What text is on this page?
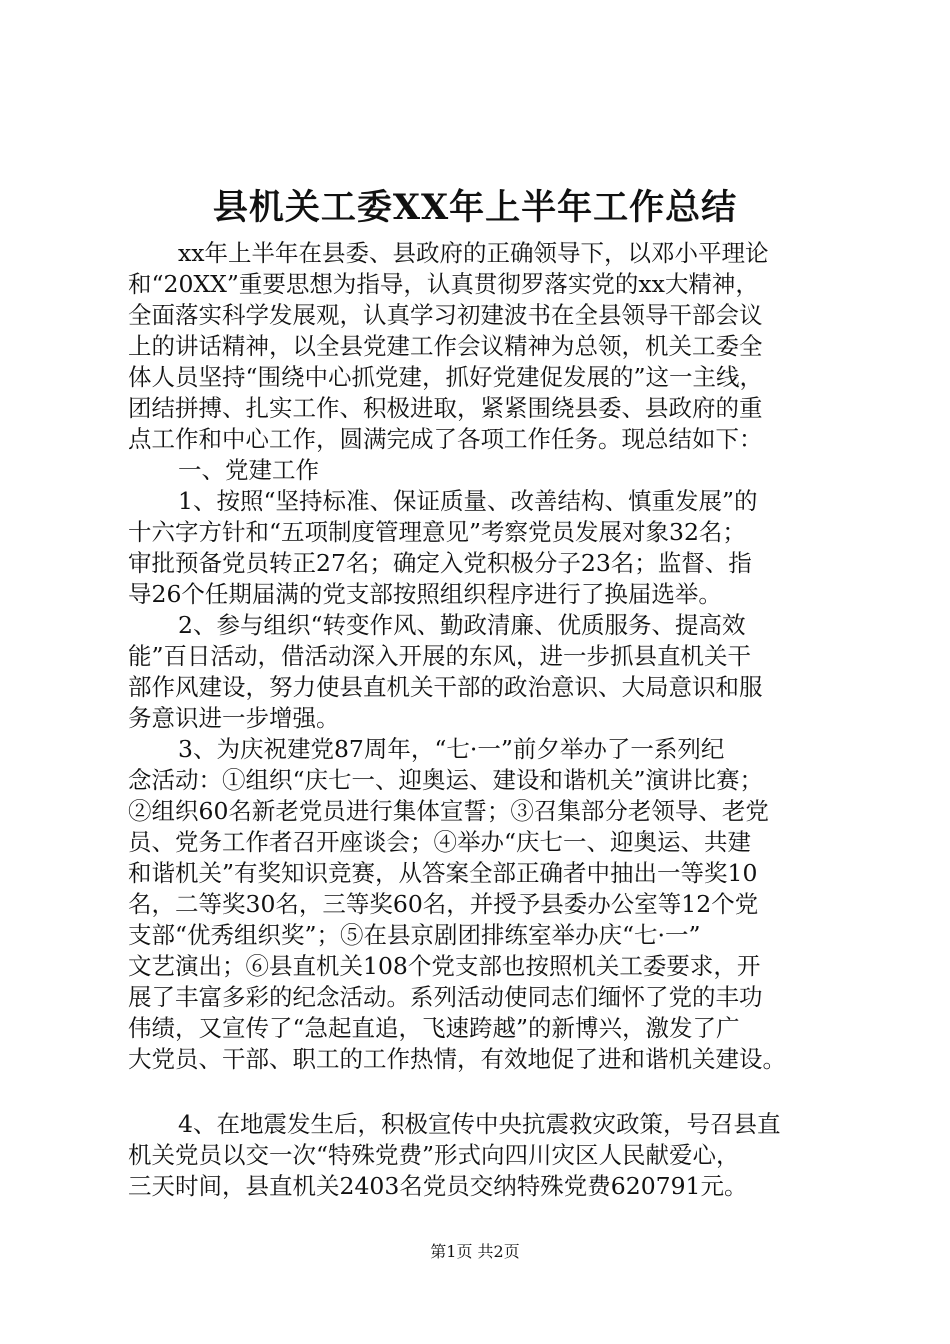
县机关工委XX年上半年工作总结
xx年上半年在县委、县政府的正确领导下，以邓小平理论
和“20XX”重要思想为指导，认真贯彻罗落实党的xx大精神，
全面落实科学发展观，认真学习初建波书在全县领导干部会议
上的讲话精神，以全县党建工作会议精神为总领，机关工委全
体人员坚持“围绕中心抓党建，抓好党建促发展的”这一主线，
团结拼搏、扎实工作、积极进取，紧紧围绕县委、县政府的重
点工作和中心工作，圆满完成了各项工作任务。现总结如下：
一、党建工作
1、按照“坚持标准、保证质量、改善结构、慎重发展”的
十六字方针和“五项制度管理意见”考察党员发展对象32名；
审批预备党员转正27名；确定入党积极分子23名；监督、指
导26个任期届满的党支部按照组织程序进行了换届选举。
2、参与组织“转变作风、勤政清廉、优质服务、提高效
能”百日活动，借活动深入开展的东风，进一步抓县直机关干
部作风建设，努力使县直机关干部的政治意识、大局意识和服
务意识进一步增强。
3、为庆祝建党87周年，“七·一”前夕举办了一系列纪
念活动：①组织“庆七一、迎奥运、建设和谐机关”演讲比赛；
②组织60名新老党员进行集体宣誓；③召集部分老领导、老党
员、党务工作者召开座谈会；④举办“庆七一、迎奥运、共建
和谐机关”有奖知识竞赛，从答案全部正确者中抽出一等奖10
名，二等奖30名，三等奖60名，并授予县委办公室等12个党
支部“优秀组织奖”；⑤在县京剧团排练室举办庆“七·一”
文艺演出；⑥县直机关108个党支部也按照机关工委要求，开
展了丰富多彩的纪念活动。系列活动使同志们缅怀了党的丰功
伟绩，又宣传了“急起直追，飞速跨越”的新博兴，激发了广
大党员、干部、职工的工作热情，有效地促了进和谐机关建设。
4、在地震发生后，积极宣传中央抗震救灾政策，号召县直
机关党员以交一次“特殊党费”形式向四川灾区人民献爱心，
三天时间，县直机关2403名党员交纳特殊党费620791元。
第1页 共2页
